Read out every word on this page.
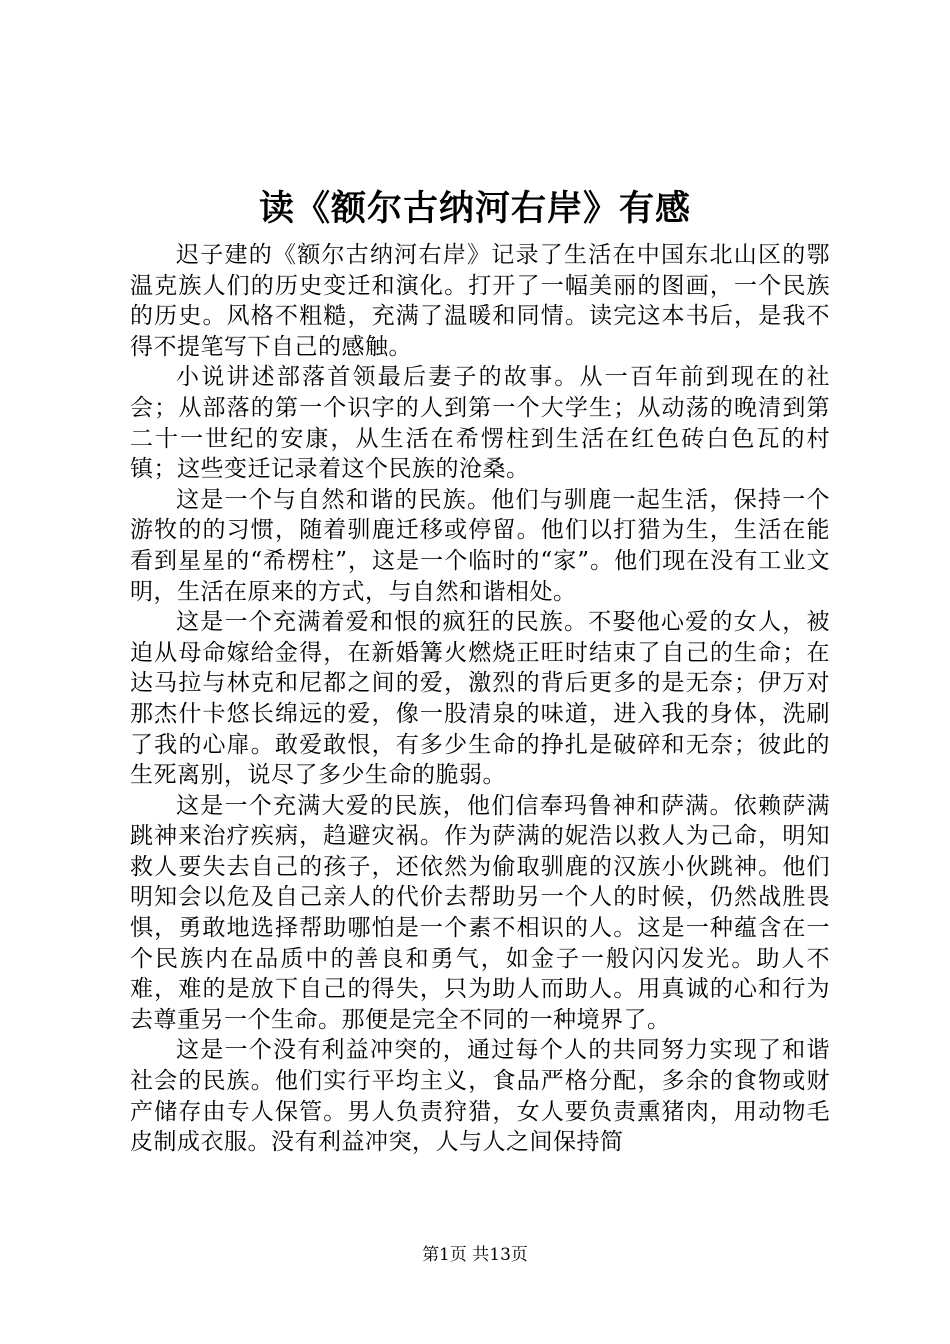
读《额尔古纳河右岸》有感

迟子建的《额尔古纳河右岸》记录了生活在中国东北山区的鄂温克族人们的历史变迁和演化。打开了一幅美丽的图画，一个民族的历史。风格不粗糙，充满了温暖和同情。读完这本书后，是我不得不提笔写下自己的感触。

小说讲述部落首领最后妻子的故事。从一百年前到现在的社会；从部落的第一个识字的人到第一个大学生；从动荡的晚清到第二十一世纪的安康，从生活在希愣柱到生活在红色砖白色瓦的村镇；这些变迁记录着这个民族的沧桑。

这是一个与自然和谐的民族。他们与驯鹿一起生活，保持一个游牧的的习惯，随着驯鹿迁移或停留。他们以打猎为生，生活在能看到星星的“希楞柱”，这是一个临时的“家”。他们现在没有工业文明，生活在原来的方式，与自然和谐相处。

这是一个充满着爱和恨的疯狂的民族。不娶他心爱的女人，被迫从母命嫁给金得，在新婚篝火燃烧正旺时结束了自己的生命；在达马拉与林克和尼都之间的爱，激烈的背后更多的是无奈；伊万对那杰什卡悠长绵远的爱，像一股清泉的味道，进入我的身体，洗刷了我的心扉。敢爱敢恨，有多少生命的挣扎是破碎和无奈；彼此的生死离别，说尽了多少生命的脆弱。

这是一个充满大爱的民族，他们信奉玛鲁神和萨满。依赖萨满跳神来治疗疾病，趋避灾祸。作为萨满的妮浩以救人为己命，明知救人要失去自己的孩子，还依然为偷取驯鹿的汉族小伙跳神。他们明知会以危及自己亲人的代价去帮助另一个人的时候，仍然战胜畏惧，勇敢地选择帮助哪怕是一个素不相识的人。这是一种蕴含在一个民族内在品质中的善良和勇气，如金子一般闪闪发光。助人不难，难的是放下自己的得失，只为助人而助人。用真诚的心和行为去尊重另一个生命。那便是完全不同的一种境界了。

这是一个没有利益冲突的，通过每个人的共同努力实现了和谐社会的民族。他们实行平均主义，食品严格分配，多余的食物或财产储存由专人保管。男人负责狩猎，女人要负责熏猪肉，用动物毛皮制成衣服。没有利益冲突，人与人之间保持简

第1页 共13页
